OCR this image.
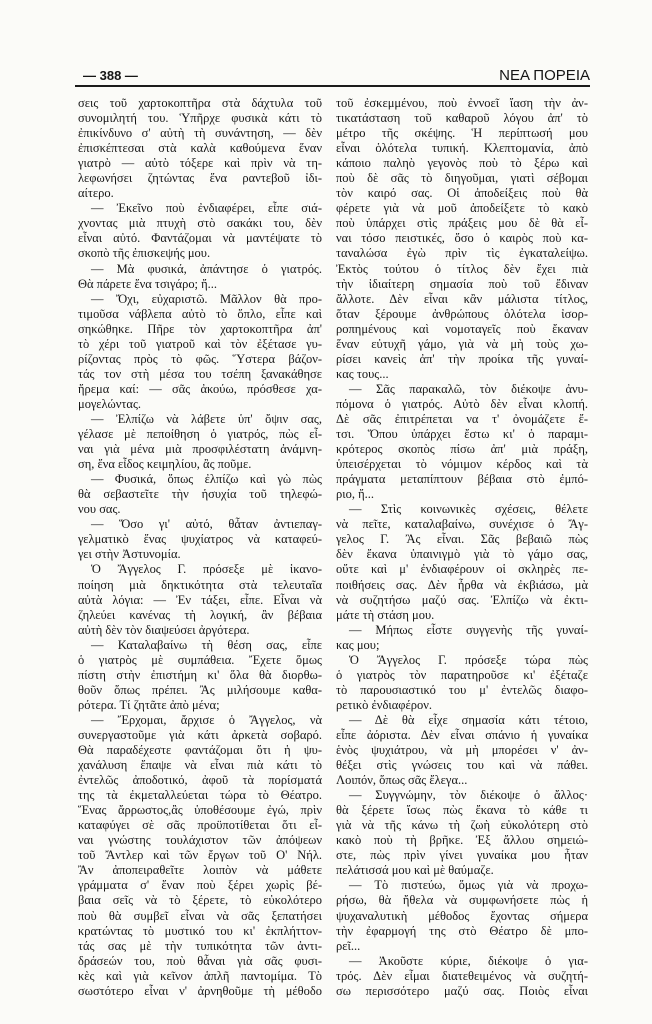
— 388 —	ΝΕΑ ΠΟΡΕΙΑ
σεις τοῦ χαρτοκοπτῆρα στὰ δάχτυλα τοῦ
συνομιλητή του. Ὑπῆρχε φυσικὰ κάτι τὸ
ἐπικίνδυνο σ' αὐτὴ τὴ συνάντηση, — δὲν
ἐπισκέπτεσαι στὰ καλὰ καθούμενα ἕναν
γιατρὸ — αὐτὸ τόξερε καὶ πρὶν νὰ τη-
λεφωνήσει ζητώντας ἕνα ραντεβοῦ ἰδι-
αίτερο.
— Ἐκεῖνο ποὺ ἐνδιαφέρει, εἶπε σιά-
χνοντας μιὰ πτυχὴ στὸ σακάκι του, δὲν
εἶναι αὐτό. Φαντάζομαι νὰ μαντέψατε τὸ
σκοπὸ τῆς ἐπισκεψής μου.
— Μὰ φυσικά, ἀπάντησε ὁ γιατρός.
Θὰ πάρετε ἕνα τσιγάρο; ἤ...
— Ὄχι, εὐχαριστῶ. Μᾶλλον θὰ προ-
τιμοῦσα νάβλεπα αὐτὸ τὸ ὅπλο, εἶπε καὶ
σηκώθηκε. Πῆρε τὸν χαρτοκοπτῆρα ἀπ'
τὸ χέρι τοῦ γιατροῦ καὶ τὸν ἐξέτασε γυ-
ρίζοντας πρὸς τὸ φῶς. Ὕστερα βάζον-
τάς τον στὴ μέσα του τσέπη ξανακάθησε
ἥρεμα καί: — σᾶς ἀκούω, πρόσθεσε χα-
μογελώντας.
— Ἐλπίζω νὰ λάβετε ὑπ' ὄψιν σας,
γέλασε μὲ πεποίθηση ὁ γιατρός, πὼς εἶ-
ναι γιὰ μένα μιὰ προσφιλέστατη ἀνάμνη-
ση, ἕνα εἶδος κειμηλίου, ἂς ποῦμε.
— Φυσικά, ὅπως ἐλπίζω καὶ γὼ πὼς
θὰ σεβαστεῖτε τὴν ἡσυχία τοῦ τηλεφώ-
νου σας.
— Ὅσο γι' αὐτό, θἆταν ἀντιεπαγ-
γελματικὸ ἕνας ψυχίατρος νὰ καταφεύ-
γει στὴν Ἀστυνομία.
Ὁ Ἄγγελος Γ. πρόσεξε μὲ ἱκανο-
ποίηση μιὰ δηκτικότητα στὰ τελευταῖα
αὐτὰ λόγια: — Ἐν τάξει, εἶπε. Εἶναι νὰ
ζηλεύει κανένας τὴ λογική, ἂν βέβαια
αὐτὴ δὲν τὸν διαψεύσει ἀργότερα.
— Καταλαβαίνω τὴ θέση σας, εἶπε
ὁ γιατρὸς μὲ συμπάθεια. Ἔχετε ὅμως
πίστη στὴν ἐπιστήμη κι' ὅλα θὰ διορθω-
θοῦν ὅπως πρέπει. Ἂς μιλήσουμε καθα-
ρότερα. Τί ζητᾶτε ἀπὸ μένα;
— Ἔρχομαι, ἄρχισε ὁ Ἄγγελος, νὰ
συνεργαστοῦμε γιὰ κάτι ἀρκετὰ σοβαρό.
Θὰ παραδέχεστε φαντάζομαι ὅτι ἡ ψυ-
χανάλυση ἔπαψε νὰ εἶναι πιὰ κάτι τὸ
ἐντελῶς ἀποδοτικό, ἀφοῦ τὰ πορίσματά
της τὰ ἐκμεταλλεύεται τώρα τὸ Θέατρο.
Ἕνας ἄρρωστος,ἂς ὑποθέσουμε ἐγώ, πρὶν
καταφύγει σὲ σᾶς προϋποτίθεται ὅτι εἶ-
ναι γνώστης τουλάχιστον τῶν ἀπόψεων
τοῦ Ἄντλερ καὶ τῶν ἔργων τοῦ Ο' Νήλ.
Ἂν ἀποπειραθεῖτε λοιπὸν νὰ μάθετε
γράμματα σ' ἕναν ποὺ ξέρει χωρὶς βέ-
βαια σεῖς νὰ τὸ ξέρετε, τὸ εὐκολότερο
ποὺ θὰ συμβεῖ εἶναι νὰ σᾶς ξεπατήσει
κρατώντας τὸ μυστικό του κι' ἐκπλήττον-
τάς σας μὲ τὴν τυπικότητα τῶν ἀντι-
δράσεών του, ποὺ θἆναι γιὰ σᾶς φυσι-
κὲς καὶ γιὰ κεῖνον ἁπλῆ παντομίμα. Τὸ
σωστότερο εἶναι ν' ἀρνηθοῦμε τὴ μέθοδο
τοῦ ἐσκεμμένου, ποὺ ἐννοεῖ ἴαση τὴν ἀν-
τικατάσταση τοῦ καθαροῦ λόγου ἀπ' τὸ
μέτρο τῆς σκέψης. Ἡ περίπτωσή μου
εἶναι ὁλότελα τυπική. Κλεπτομανία, ἀπὸ
κάποιο παληὸ γεγονὸς ποὺ τὸ ξέρω καὶ
ποὺ δὲ σᾶς τὸ διηγοῦμαι, γιατὶ σέβομαι
τὸν καιρό σας. Οἱ ἀποδείξεις ποὺ θὰ
φέρετε γιὰ νὰ μοῦ ἀποδείξετε τὸ κακὸ
ποὺ ὑπάρχει στὶς πράξεις μου δὲ θὰ εἶ-
ναι τόσο πειστικές, ὅσο ὁ καιρὸς ποὺ κα-
ταναλώσα ἐγὼ πρὶν τὶς ἐγκαταλείψω.
Ἐκτὸς τούτου ὁ τίτλος δὲν ἔχει πιὰ
τὴν ἰδιαίτερη σημασία ποὺ τοῦ ἔδιναν
ἄλλοτε. Δὲν εἶναι κἂν μάλιστα τίτλος,
ὅταν ξέρουμε ἀνθρώπους ὁλότελα ἰσορ-
ροπημένους καὶ νομοταγεῖς ποὺ ἔκαναν
ἕναν εὐτυχῆ γάμο, γιὰ νὰ μὴ τοὺς χω-
ρίσει κανεὶς ἀπ' τὴν προίκα τῆς γυναί-
κας τους...
— Σᾶς παρακαλῶ, τὸν διέκοψε ἀνυ-
πόμονα ὁ γιατρός. Αὐτὸ δὲν εἶναι κλοπή.
Δὲ σᾶς ἐπιτρέπεται να τ' ὀνομάζετε ἔ-
τσι. Ὅπου ὑπάρχει ἔστω κι' ὁ παραμι-
κρότερος σκοπὸς πίσω ἀπ' μιὰ πράξη,
ὑπεισέρχεται τὸ νόμιμον κέρδος καὶ τὰ
πράγματα μεταπίπτουν βέβαια στὸ ἐμπό-
ριο, ἤ...
— Στὶς κοινωνικὲς σχέσεις, θέλετε
νὰ πεῖτε, καταλαβαίνω, συνέχισε ὁ Ἄγ-
γελος Γ. Ἂς εἶναι. Σᾶς βεβαιῶ πὼς
δὲν ἔκανα ὑπαινιγμὸ γιὰ τὸ γάμο σας,
οὔτε καὶ μ' ἐνδιαφέρουν οἱ σκληρὲς πε-
ποιθήσεις σας. Δὲν ἦρθα νὰ ἐκβιάσω, μὰ
νὰ συζητήσω μαζύ σας. Ἐλπίζω νὰ ἐκτι-
μάτε τὴ στάση μου.
— Μήπως εἶστε συγγενὴς τῆς γυναί-
κας μου;
Ὁ Ἄγγελος Γ. πρόσεξε τώρα πὼς
ὁ γιατρὸς τὸν παρατηροῦσε κι' ἐξέταζε
τὸ παρουσιαστικό του μ' ἐντελῶς διαφο-
ρετικὸ ἐνδιαφέρον.
— Δὲ θὰ εἶχε σημασία κάτι τέτοιο,
εἶπε ἀόριστα. Δὲν εἶναι σπάνιο ἡ γυναίκα
ἑνὸς ψυχιάτρου, νὰ μὴ μπορέσει ν' ἀν-
θέξει στὶς γνώσεις του καὶ νὰ πάθει.
Λοιπόν, ὅπως σᾶς ἔλεγα...
— Συγγνώμην, τὸν διέκοψε ὁ ἄλλος·
θὰ ξέρετε ἴσως πὼς ἔκανα τὸ κάθε τι
γιὰ νὰ τῆς κάνω τὴ ζωὴ εὐκολότερη στὸ
κακὸ ποὺ τὴ βρῆκε. Ἐξ ἄλλου σημειώ-
στε, πὼς πρὶν γίνει γυναίκα μου ἦταν
πελάτισσά μου καὶ μὲ θαύμαζε.
— Τὸ πιστεύω, ὅμως γιὰ νὰ προχω-
ρήσω, θὰ ἤθελα νὰ συμφωνήσετε πὼς ἡ
ψυχαναλυτικὴ μέθοδος ἔχοντας σήμερα
τὴν ἐφαρμογή της στὸ Θέατρο δὲ μπο-
ρεῖ...
— Ἀκοῦστε κύριε, διέκοψε ὁ για-
τρός. Δὲν εἶμαι διατεθειμένος νὰ συζητή-
σω περισσότερο μαζύ σας. Ποιὸς εἶναι
